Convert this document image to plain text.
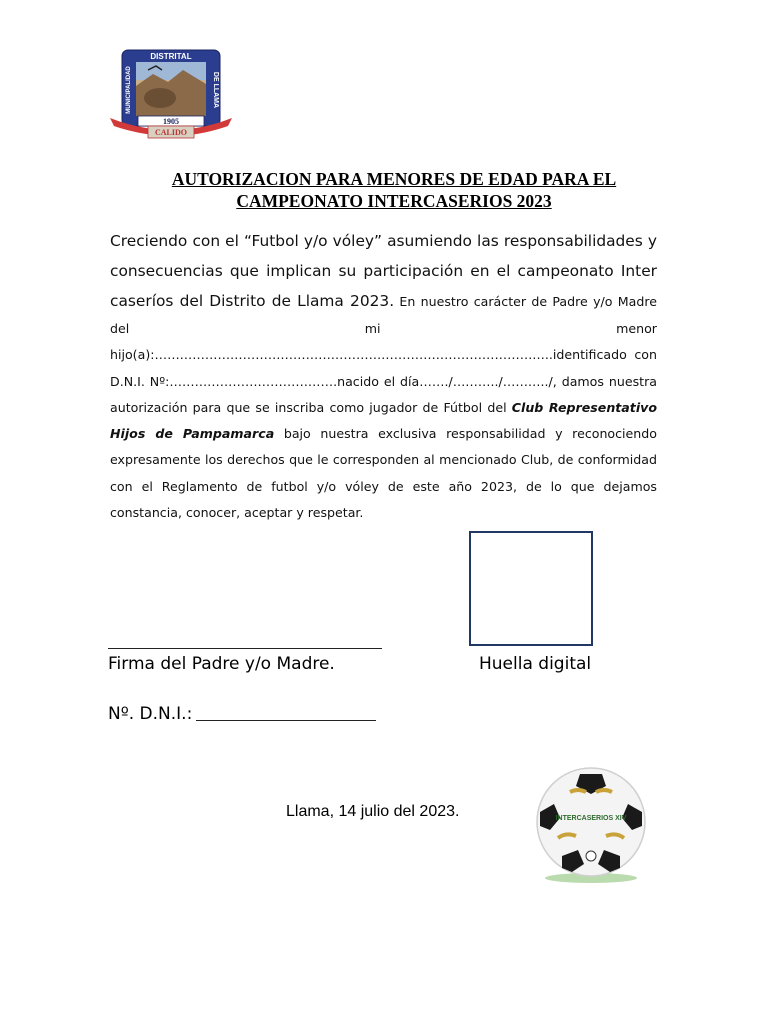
1905
DISTRITAL
MUNICIPALIDAD	DE LLAMA
CALIDO
AUTORIZACION PARA MENORES DE EDAD PARA EL
CAMPEONATO INTERCASERIOS 2023
Creciendo con el “Futbol y/o vóley” asumiendo las responsabilidades y consecuencias que implican su participación en el campeonato Inter caseríos del Distrito de Llama 2023. En nuestro carácter de Padre y/o Madre del mi menor hijo(a):…………………………………………………………………………………..identificado con D.N.I. Nº:………………………………….nacido el día……./………../………../, damos nuestra autorización para que se inscriba como jugador de Fútbol del Club Representativo Hijos de Pampamarca bajo nuestra exclusiva responsabilidad y reconociendo expresamente los derechos que le corresponden al mencionado Club, de conformidad con el Reglamento de futbol y/o vóley de este año 2023, de lo que dejamos constancia, conocer, aceptar y respetar.
Firma del Padre y/o Madre.	Huella digital
Nº. D.N.I.:
Llama, 14 julio del 2023.	INTERCASERIOS XIV
